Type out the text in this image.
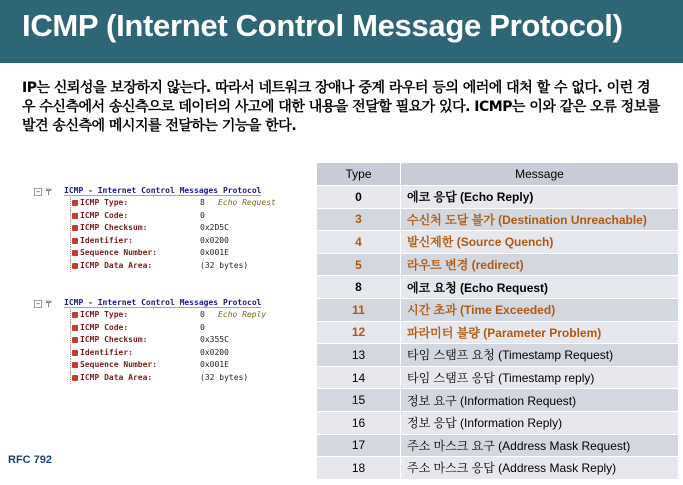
ICMP (Internet Control Message Protocol)

IP는 신뢰성을 보장하지 않는다. 따라서 네트워크 장애나 중계 라우터 등의 에러에 대처 할 수 없다. 이런 경우 수신측에서 송신측으로 데이터의 사고에 대한 내용을 전달할 필요가 있다. ICMP는 이와 같은 오류 정보를 발견 송신측에 메시지를 전달하는 기능을 한다.

− ╤ ICMP - Internet Control Messages Protocol
ICMP Type:	8 Echo Request
ICMP Code:	0
ICMP Checksum:	0x2D5C
Identifier:	0x0200
Sequence Number:	0x001E
ICMP Data Area:	(32 bytes)
− ╤ ICMP - Internet Control Messages Protocol
ICMP Type:	0 Echo Reply
ICMP Code:	0
ICMP Checksum:	0x355C
Identifier:	0x0200
Sequence Number:	0x001E
ICMP Data Area:	(32 bytes)
RFC 792
Type	Message
0	에코 응답 (Echo Reply)
3	수신처 도달 불가 (Destination Unreachable)
4	발신제한 (Source Quench)
5	라우트 변경 (redirect)
8	에코 요청 (Echo Request)
11	시간 초과 (Time Exceeded)
12	파라미터 불량 (Parameter Problem)
13	타임 스탬프 요청 (Timestamp Request)
14	타임 스탬프 응답 (Timestamp reply)
15	정보 요구 (Information Request)
16	정보 응답 (Information Reply)
17	주소 마스크 요구 (Address Mask Request)
18	주소 마스크 응답 (Address Mask Reply)
